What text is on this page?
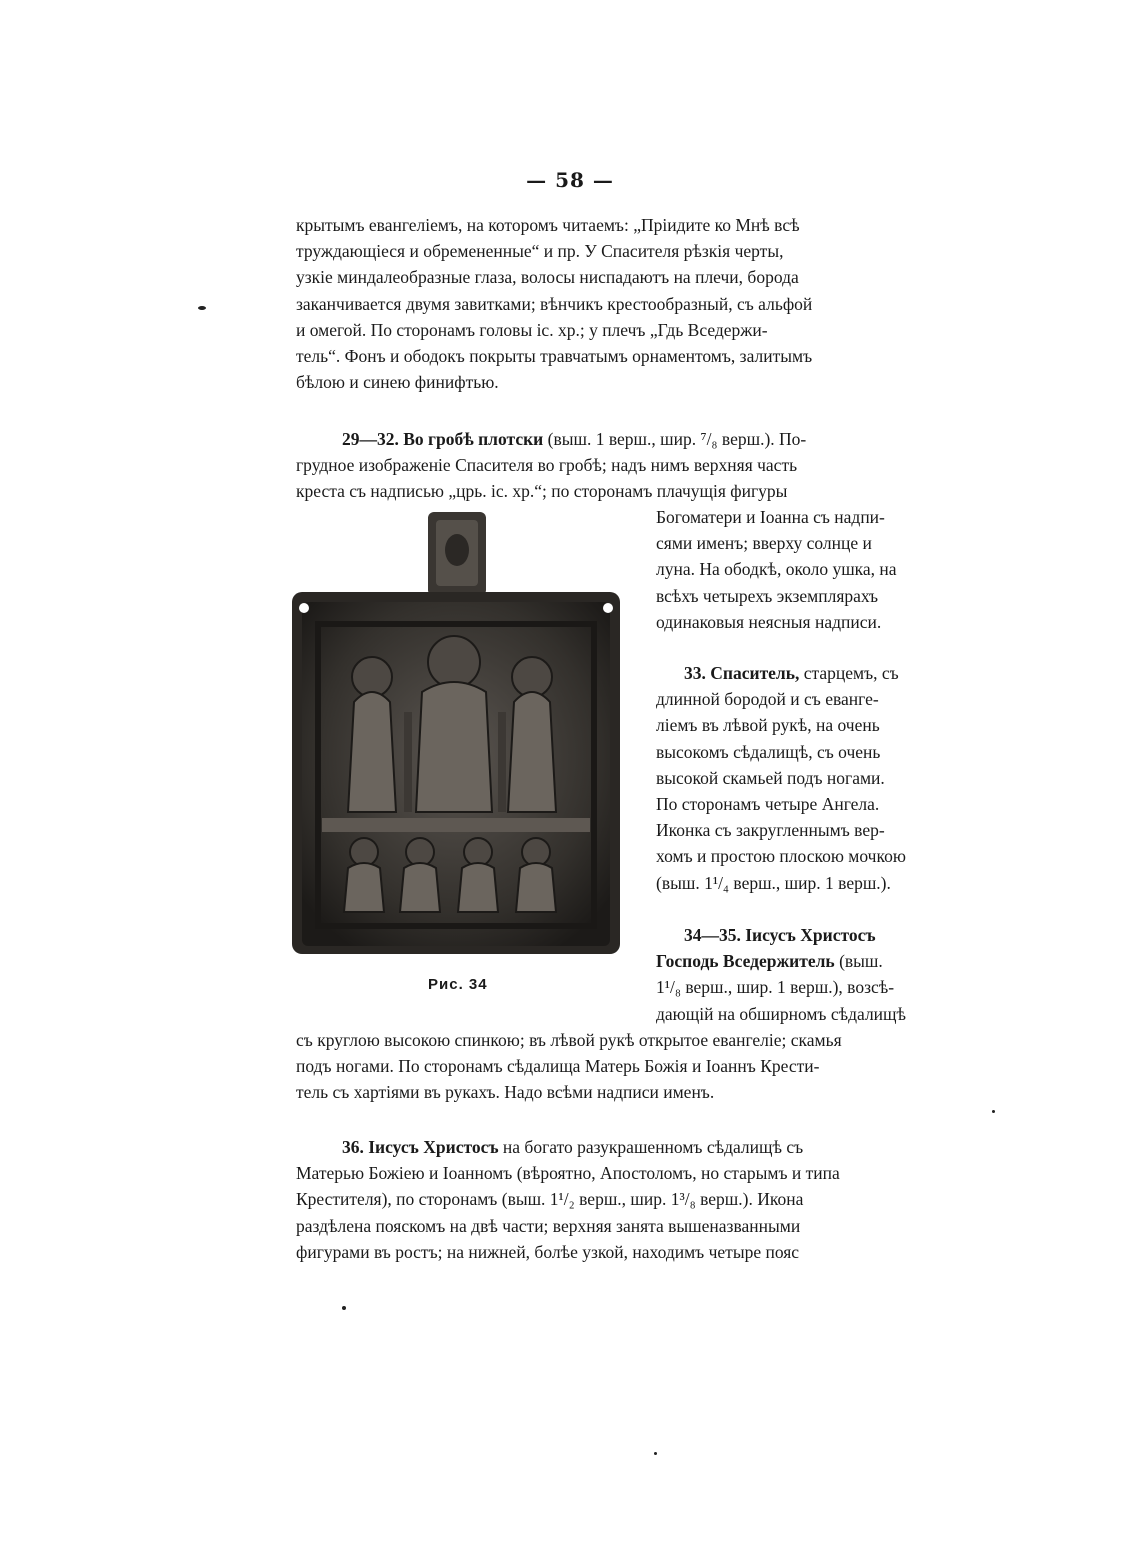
— 58 —

крытымъ евангеліемъ, на которомъ читаемъ: „Пріидите ко Мнѣ всѣ

труждающіеся и обремененные“ и пр. У Спасителя рѣзкія черты,

узкіе миндалеобразные глаза, волосы ниспадаютъ на плечи, борода

заканчивается двумя завитками; вѣнчикъ крестообразный, съ альфой

и омегой. По сторонамъ головы іс. хр.; у плечъ „Гдь Вседержи-

тель“. Фонъ и ободокъ покрыты травчатымъ орнаментомъ, залитымъ

бѣлою и синею финифтью.

29—32. Во гробѣ плотски (выш. 1 верш., шир. ⁷/₈ верш.). По-

грудное изображеніе Спасителя во гробѣ; надъ нимъ верхняя часть

креста съ надписью „црь. іс. хр.“; по сторонамъ плачущія фигуры

Богоматери и Іоанна съ надпи-

сями именъ; вверху солнце и

луна. На ободкѣ, около ушка, на

всѣхъ четырехъ экземплярахъ

одинаковыя неясныя надписи.

33. Спаситель, старцемъ, съ

длинной бородой и съ еванге-

ліемъ въ лѣвой рукѣ, на очень

высокомъ сѣдалищѣ, съ очень

высокой скамьей подъ ногами.

По сторонамъ четыре Ангела.

Иконка съ закругленнымъ вер-

хомъ и простою плоскою мочкою

(выш. 1¹/₄ верш., шир. 1 верш.).

34—35. Іисусъ Христосъ

Господь Вседержитель (выш.

1¹/₈ верш., шир. 1 верш.), возсѣ-

дающій на обширномъ сѣдалищѣ

съ круглою высокою спинкою; въ лѣвой рукѣ открытое евангеліе; скамья

подъ ногами. По сторонамъ сѣдалища Матерь Божія и Іоаннъ Крести-

тель съ хартіями въ рукахъ. Надо всѣми надписи именъ.

Рис. 34

36. Іисусъ Христосъ на богато разукрашенномъ сѣдалищѣ съ

Матерью Божіею и Іоанномъ (вѣроятно, Апостоломъ, но старымъ и типа

Крестителя), по сторонамъ (выш. 1¹/₂ верш., шир. 1³/₈ верш.). Икона

раздѣлена пояскомъ на двѣ части; верхняя занята вышеназванными

фигурами въ ростъ; на нижней, болѣе узкой, находимъ четыре пояс
